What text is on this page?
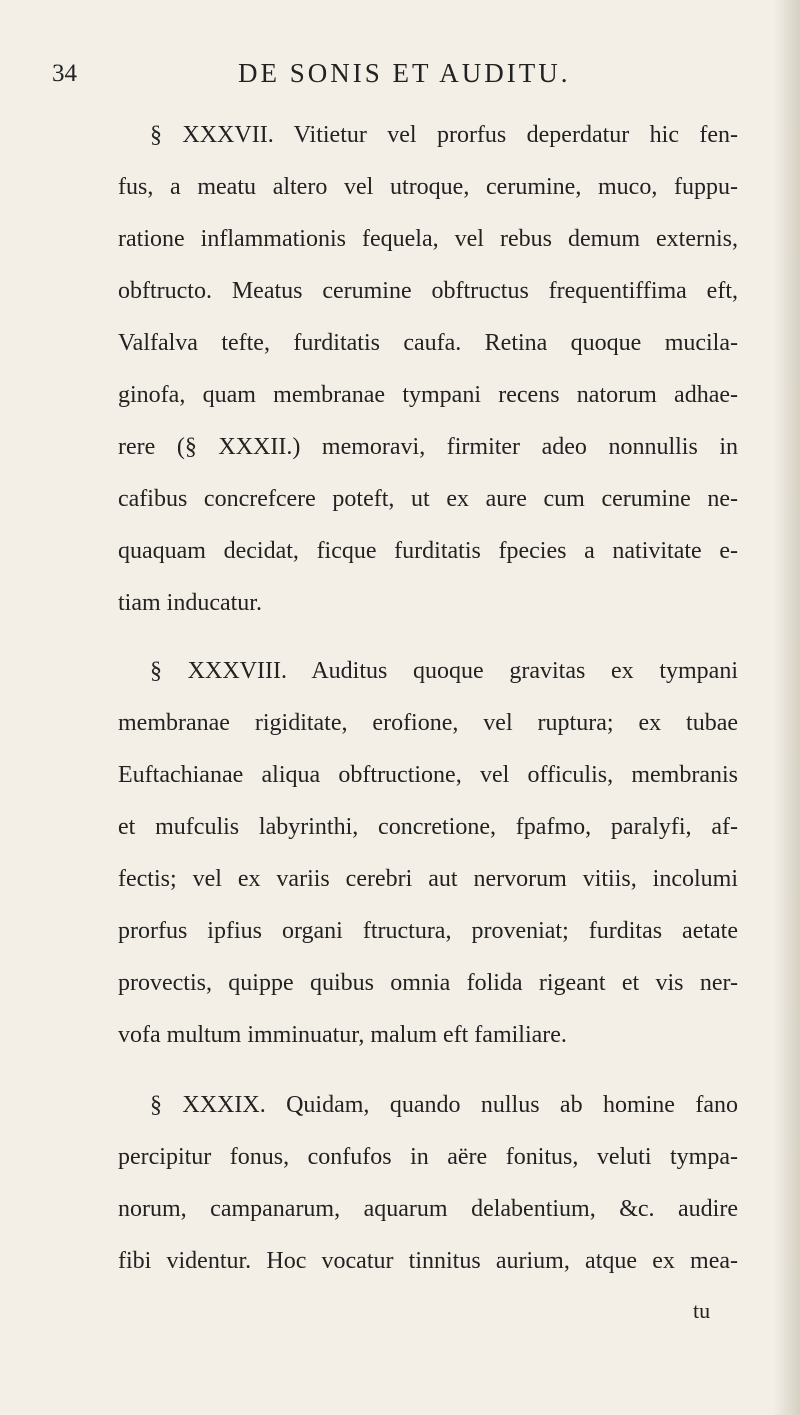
34	DE SONIS ET AUDITU.
§ XXXVII. Vitietur vel prorfus deperdatur hic fen-
fus, a meatu altero vel utroque, cerumine, muco, fuppu-
ratione inflammationis fequela, vel rebus demum externis,
obftructo. Meatus cerumine obftructus frequentiffima eft,
Valfalva tefte, furditatis caufa. Retina quoque mucila-
ginofa, quam membranae tympani recens natorum adhae-
rere (§ XXXII.) memoravi, firmiter adeo nonnullis in
cafibus concrefcere poteft, ut ex aure cum cerumine ne-
quaquam decidat, ficque furditatis fpecies a nativitate e-
tiam inducatur.
§ XXXVIII. Auditus quoque gravitas ex tympani
membranae rigiditate, erofione, vel ruptura; ex tubae
Euftachianae aliqua obftructione, vel officulis, membranis
et mufculis labyrinthi, concretione, fpafmo, paralyfi, af-
fectis; vel ex variis cerebri aut nervorum vitiis, incolumi
prorfus ipfius organi ftructura, proveniat; furditas aetate
provectis, quippe quibus omnia folida rigeant et vis ner-
vofa multum imminuatur, malum eft familiare.
§ XXXIX. Quidam, quando nullus ab homine fano
percipitur fonus, confufos in aëre fonitus, veluti tympa-
norum, campanarum, aquarum delabentium, &c. audire
fibi videntur. Hoc vocatur tinnitus aurium, atque ex mea-
tu
